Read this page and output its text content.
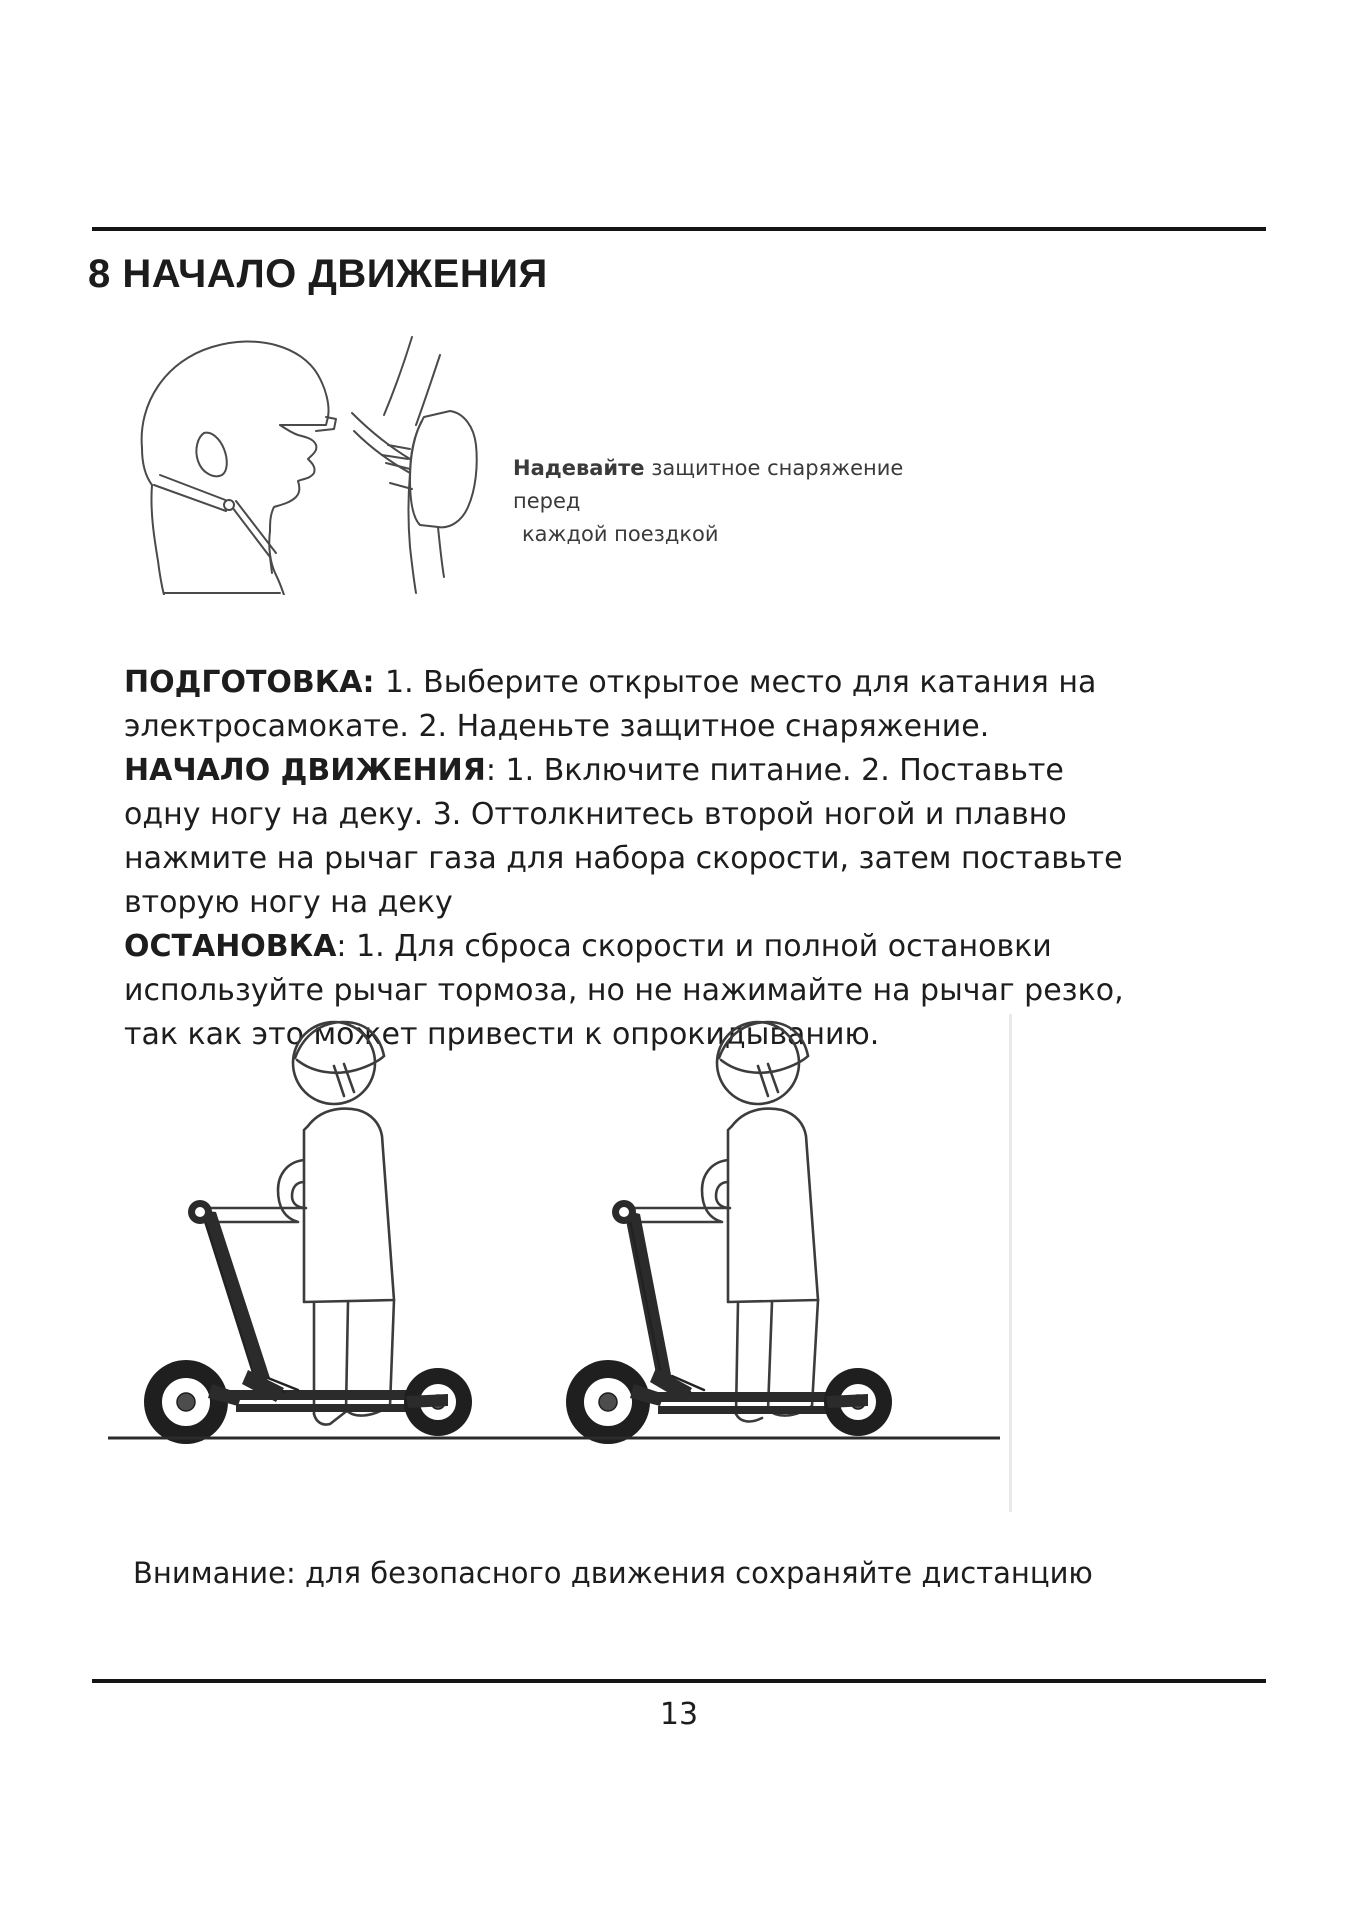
8 НАЧАЛО ДВИЖЕНИЯ
Надевайте защитное снаряжение перед
каждой поездкой

ПОДГОТОВКА: 1. Выберите открытое место для катания на электросамокате. 2. Наденьте защитное снаряжение.

НАЧАЛО ДВИЖЕНИЯ: 1. Включите питание. 2. Поставьте одну ногу на деку. 3. Оттолкнитесь второй ногой и плавно нажмите на рычаг газа для набора скорости, затем поставьте вторую ногу на деку

ОСТАНОВКА: 1. Для сброса скорости и полной остановки используйте рычаг тормоза, но не нажимайте на рычаг резко, так как это может привести к опрокидыванию.

Внимание: для безопасного движения сохраняйте дистанцию
13
